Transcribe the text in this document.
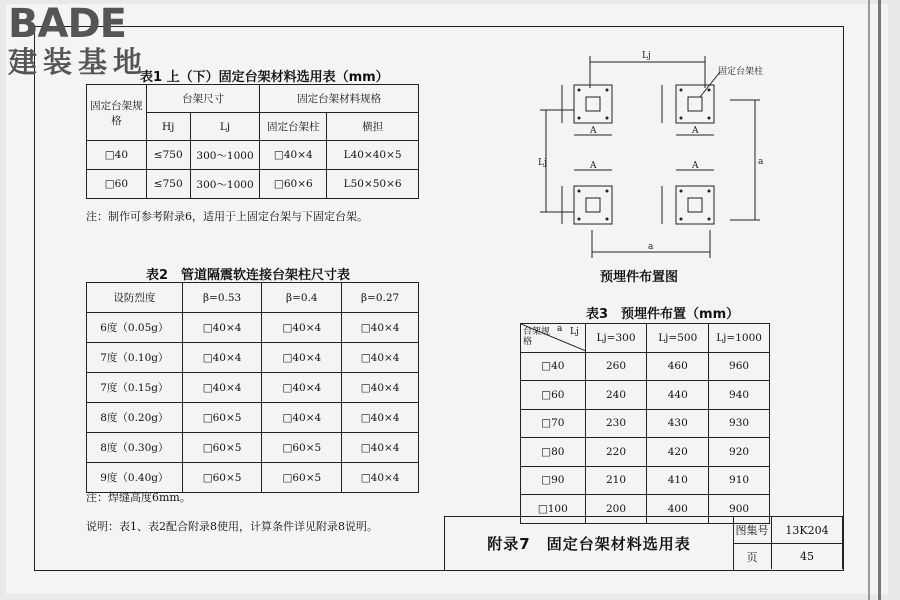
BADE
建装基地
表1 上（下）固定台架材料选用表（mm）
固定台架规　格	台架尺寸		固定台架材料规格	
	Hj	Lj	固定台架柱	横担
□40	≤750	300～1000	□40×4	L40×40×5
□60	≤750	300～1000	□60×6	L50×50×6
注：制作可参考附录6，适用于上固定台架与下固定台架。
表2　管道隔震软连接台架柱尺寸表
设防烈度	β=0.53	β=0.4	β=0.27
6度（0.05g）	□40×4	□40×4	□40×4
7度（0.10g）	□40×4	□40×4	□40×4
7度（0.15g）	□40×4	□40×4	□40×4
8度（0.20g）	□60×5	□40×4	□40×4
8度（0.30g）	□60×5	□60×5	□40×4
9度（0.40g）	□60×5	□60×5	□40×4
注：焊缝高度6mm。
说明：表1、表2配合附录8使用，计算条件详见附录8说明。
Lj
Lj	a
a
A	A
A	A
固定台架柱
预埋件布置图
表3　预埋件布置（mm）
a Lj
台架规格	Lj=300	Lj=500	Lj=1000
□40	260	460	960
□60	240	440	940
□70	230	430	930
□80	220	420	920
□90	210	410	910
□100	200	400	900
附录7　固定台架材料选用表
图集号	13K204
页	45
